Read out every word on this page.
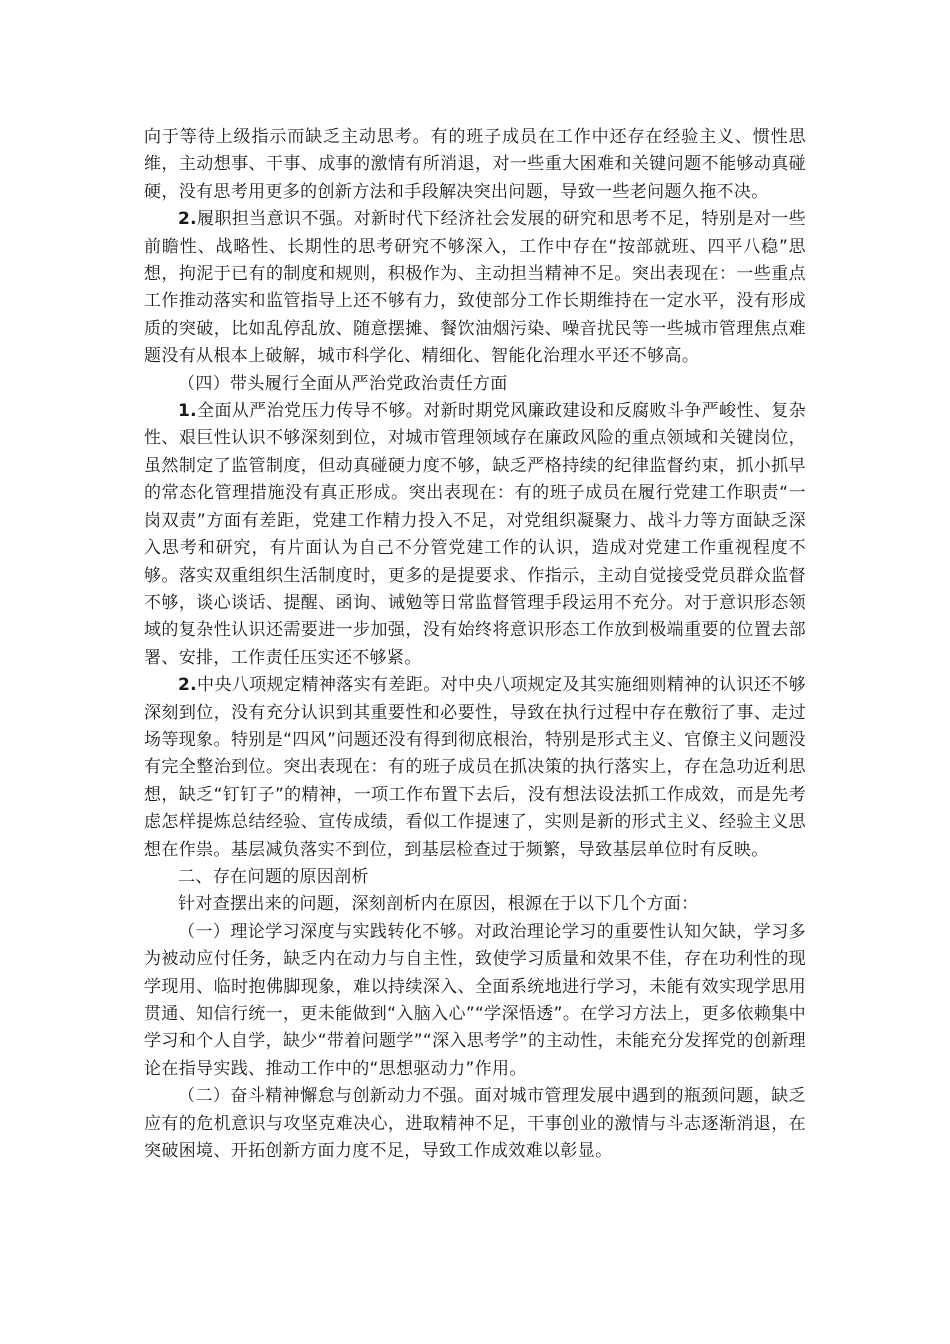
向于等待上级指示而缺乏主动思考。有的班子成员在工作中还存在经验主义、惯性思维，主动想事、干事、成事的激情有所消退，对一些重大困难和关键问题不能够动真碰硬，没有思考用更多的创新方法和手段解决突出问题，导致一些老问题久拖不决。

2.履职担当意识不强。对新时代下经济社会发展的研究和思考不足，特别是对一些前瞻性、战略性、长期性的思考研究不够深入，工作中存在“按部就班、四平八稳”思想，拘泥于已有的制度和规则，积极作为、主动担当精神不足。突出表现在：一些重点工作推动落实和监管指导上还不够有力，致使部分工作长期维持在一定水平，没有形成质的突破，比如乱停乱放、随意摆摊、餐饮油烟污染、噪音扰民等一些城市管理焦点难题没有从根本上破解，城市科学化、精细化、智能化治理水平还不够高。

（四）带头履行全面从严治党政治责任方面

1.全面从严治党压力传导不够。对新时期党风廉政建设和反腐败斗争严峻性、复杂性、艰巨性认识不够深刻到位，对城市管理领域存在廉政风险的重点领域和关键岗位，虽然制定了监管制度，但动真碰硬力度不够，缺乏严格持续的纪律监督约束，抓小抓早的常态化管理措施没有真正形成。突出表现在：有的班子成员在履行党建工作职责“一岗双责”方面有差距，党建工作精力投入不足，对党组织凝聚力、战斗力等方面缺乏深入思考和研究，有片面认为自己不分管党建工作的认识，造成对党建工作重视程度不够。落实双重组织生活制度时，更多的是提要求、作指示，主动自觉接受党员群众监督不够，谈心谈话、提醒、函询、诫勉等日常监督管理手段运用不充分。对于意识形态领域的复杂性认识还需要进一步加强，没有始终将意识形态工作放到极端重要的位置去部署、安排，工作责任压实还不够紧。

2.中央八项规定精神落实有差距。对中央八项规定及其实施细则精神的认识还不够深刻到位，没有充分认识到其重要性和必要性，导致在执行过程中存在敷衍了事、走过场等现象。特别是“四风”问题还没有得到彻底根治，特别是形式主义、官僚主义问题没有完全整治到位。突出表现在：有的班子成员在抓决策的执行落实上，存在急功近利思想，缺乏“钉钉子”的精神，一项工作布置下去后，没有想法设法抓工作成效，而是先考虑怎样提炼总结经验、宣传成绩，看似工作提速了，实则是新的形式主义、经验主义思想在作祟。基层减负落实不到位，到基层检查过于频繁，导致基层单位时有反映。

二、存在问题的原因剖析

针对查摆出来的问题，深刻剖析内在原因，根源在于以下几个方面：

（一）理论学习深度与实践转化不够。对政治理论学习的重要性认知欠缺，学习多为被动应付任务，缺乏内在动力与自主性，致使学习质量和效果不佳，存在功利性的现学现用、临时抱佛脚现象，难以持续深入、全面系统地进行学习，未能有效实现学思用贯通、知信行统一，更未能做到“入脑入心”“学深悟透”。在学习方法上，更多依赖集中学习和个人自学，缺少“带着问题学”“深入思考学”的主动性，未能充分发挥党的创新理论在指导实践、推动工作中的“思想驱动力”作用。

（二）奋斗精神懈怠与创新动力不强。面对城市管理发展中遇到的瓶颈问题，缺乏应有的危机意识与攻坚克难决心，进取精神不足，干事创业的激情与斗志逐渐消退，在突破困境、开拓创新方面力度不足，导致工作成效难以彰显。
